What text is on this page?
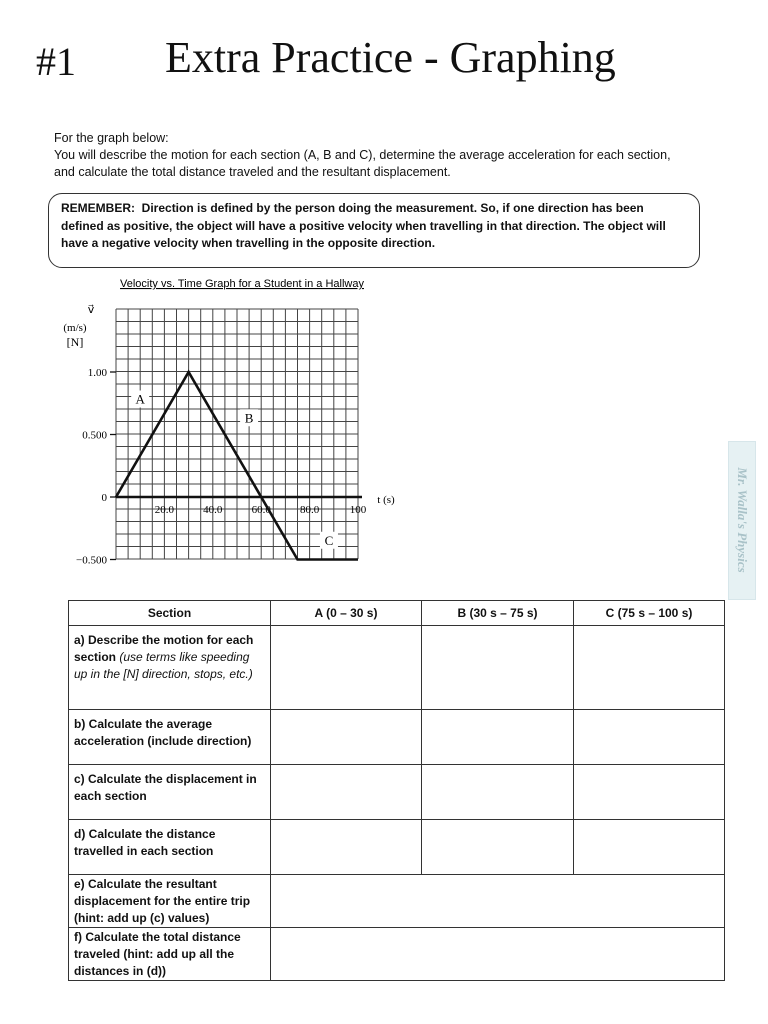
#1 Extra Practice - Graphing
For the graph below:
You will describe the motion for each section (A, B and C), determine the average acceleration for each section,
and calculate the total distance traveled and the resultant displacement.
REMEMBER: Direction is defined by the person doing the measurement. So, if one direction has been
defined as positive, the object will have a positive velocity when travelling in that direction. The object will
have a negative velocity when travelling in the opposite direction.
Velocity vs. Time Graph for a Student in a Hallway
v⃗
(m/s)
[N]
t (s)
1.00
0.500
0
−0.500
20.0	40.0	60.0	80.0	100
A
B
C	Mr. Walla's Physics
Section	A (0 – 30 s)	B (30 s – 75 s)	C (75 s – 100 s)
a) Describe the motion for each section (use terms like speeding up in the [N] direction, stops, etc.)			
b) Calculate the average acceleration (include direction)			
c) Calculate the displacement in each section			
d) Calculate the distance travelled in each section			
e) Calculate the resultant displacement for the entire trip (hint: add up (c) values)			
f) Calculate the total distance traveled (hint: add up all the distances in (d))			
